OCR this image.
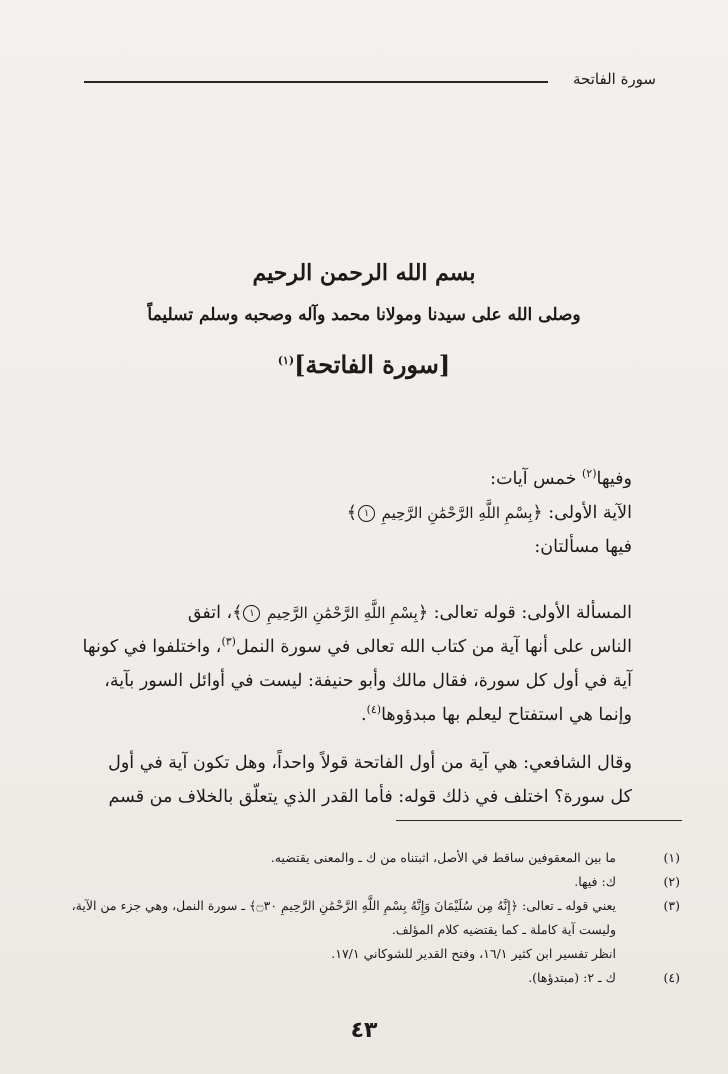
سورة الفاتحة
بسم الله الرحمن الرحيم
وصلى الله على سيدنا ومولانا محمد وآله وصحبه وسلم تسليماً
[سورة الفاتحة]$^{(١)}$
وفيها$^{(٢)}$ خمس آيات:
الآية الأولى: ﴿بِسْمِ اللَّهِ الرَّحْمَٰنِ الرَّحِيمِ ١﴾
فيها مسألتان:
المسألة الأولى: قوله تعالى: ﴿بِسْمِ اللَّهِ الرَّحْمَٰنِ الرَّحِيمِ ١﴾، اتفق
الناس على أنها آية من كتاب الله تعالى في سورة النمل$^{(٣)}$، واختلفوا في كونها
آية في أول كل سورة، فقال مالك وأبو حنيفة: ليست في أوائل السور بآية،
وإنما هي استفتاح ليعلم بها مبدؤوها$^{(٤)}$.
وقال الشافعي: هي آية من أول الفاتحة قولاً واحداً، وهل تكون آية في أول
كل سورة؟ اختلف في ذلك قوله: فأما القدر الذي يتعلّق بالخلاف من قسم
(١)
ما بين المعقوفين ساقط في الأصل، اثبتناه من ك ـ والمعنى يقتضيه.
(٢)
ك: فيها.
(٣)
يعني قوله ـ تعالى: ﴿إِنَّهُ مِن سُلَيْمَانَ وَإِنَّهُ بِسْمِ اللَّهِ الرَّحْمَٰنِ الرَّحِيمِ ۝٣٠﴾ ـ سورة النمل، وهي جزء من الآية، وليست آية كاملة ـ كما يقتضيه كلام المؤلف.
انظر تفسير ابن كثير ١٦/١، وفتح القدير للشوكاني ١٧/١.
(٤)
ك ـ ٢: (مبتدؤها).
٤٣
